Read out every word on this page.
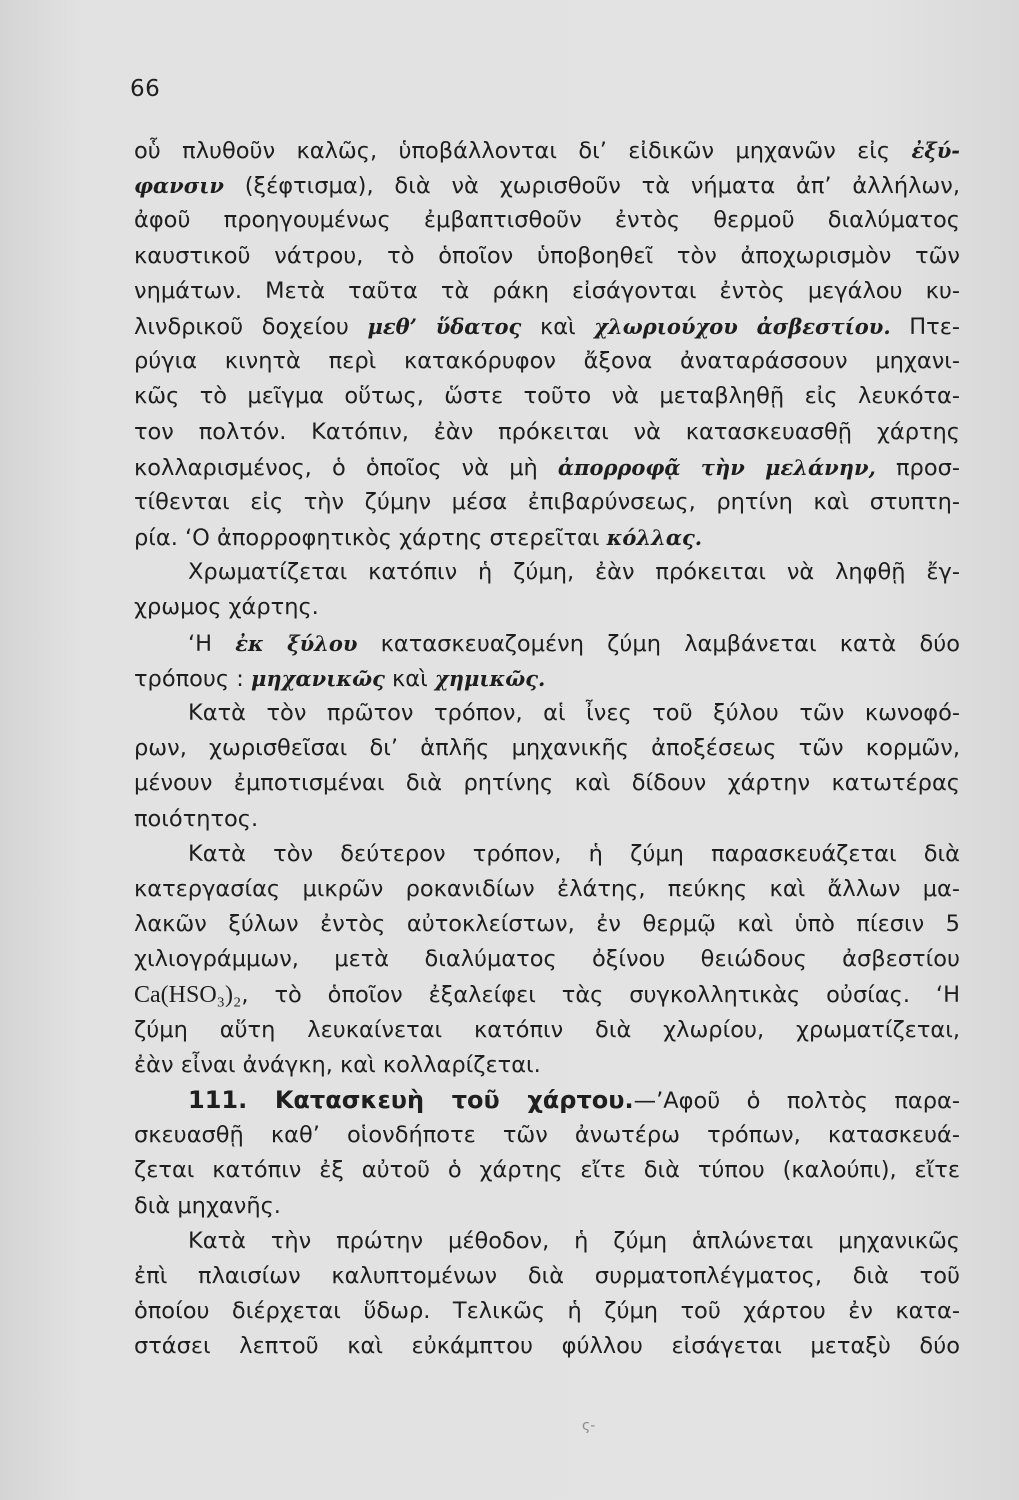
66
οὗ πλυθοῦν καλῶς, ὑποβάλλονται δι’ εἰδικῶν μηχανῶν εἰς ἐξύ-
φανσιν (ξέφτισμα), διὰ νὰ χωρισθοῦν τὰ νήματα ἀπ’ ἀλλήλων,
ἀφοῦ προηγουμένως ἐμβαπτισθοῦν ἐντὸς θερμοῦ διαλύματος
καυστικοῦ νάτρου, τὸ ὁποῖον ὑποβοηθεῖ τὸν ἀποχωρισμὸν τῶν
νημάτων. Μετὰ ταῦτα τὰ ράκη εἰσάγονται ἐντὸς μεγάλου κυ-
λινδρικοῦ δοχείου μεθ’ ὕδατος καὶ χλωριούχου ἀσβεστίου. Πτε-
ρύγια κινητὰ περὶ κατακόρυφον ἄξονα ἀναταράσσουν μηχανι-
κῶς τὸ μεῖγμα οὕτως, ὥστε τοῦτο νὰ μεταβληθῇ εἰς λευκότα-
τον πολτόν. Κατόπιν, ἐὰν πρόκειται νὰ κατασκευασθῇ χάρτης
κολλαρισμένος, ὁ ὁποῖος νὰ μὴ ἀπορροφᾷ τὴν μελάνην, προσ-
τίθενται εἰς τὴν ζύμην μέσα ἐπιβαρύνσεως, ρητίνη καὶ στυπτη-
ρία. ‘Ο ἀπορροφητικὸς χάρτης στερεῖται κόλλας.
Χρωματίζεται κατόπιν ἡ ζύμη, ἐὰν πρόκειται νὰ ληφθῇ ἔγ-
χρωμος χάρτης.
‘Η ἐκ ξύλου κατασκευαζομένη ζύμη λαμβάνεται κατὰ δύο
τρόπους : μηχανικῶς καὶ χημικῶς.
Κατὰ τὸν πρῶτον τρόπον, αἱ ἶνες τοῦ ξύλου τῶν κωνοφό-
ρων, χωρισθεῖσαι δι’ ἁπλῆς μηχανικῆς ἀποξέσεως τῶν κορμῶν,
μένουν ἐμποτισμέναι διὰ ρητίνης καὶ δίδουν χάρτην κατωτέρας
ποιότητος.
Κατὰ τὸν δεύτερον τρόπον, ἡ ζύμη παρασκευάζεται διὰ
κατεργασίας μικρῶν ροκανιδίων ἐλάτης, πεύκης καὶ ἄλλων μα-
λακῶν ξύλων ἐντὸς αὐτοκλείστων, ἐν θερμῷ καὶ ὑπὸ πίεσιν 5
χιλιογράμμων, μετὰ διαλύματος ὀξίνου θειώδους ἀσβεστίου
Ca(HSO₃)₂, τὸ ὁποῖον ἐξαλείφει τὰς συγκολλητικὰς οὐσίας. ‘Η
ζύμη αὕτη λευκαίνεται κατόπιν διὰ χλωρίου, χρωματίζεται,
ἐὰν εἶναι ἀνάγκη, καὶ κολλαρίζεται.
111. Κατασκευὴ τοῦ χάρτου.—’Αφοῦ ὁ πολτὸς παρα-
σκευασθῇ καθ’ οἱονδήποτε τῶν ἀνωτέρω τρόπων, κατασκευά-
ζεται κατόπιν ἐξ αὐτοῦ ὁ χάρτης εἴτε διὰ τύπου (καλούπι), εἴτε
διὰ μηχανῆς.
Κατὰ τὴν πρώτην μέθοδον, ἡ ζύμη ἁπλώνεται μηχανικῶς
ἐπὶ πλαισίων καλυπτομένων διὰ συρματοπλέγματος, διὰ τοῦ
ὁποίου διέρχεται ὕδωρ. Τελικῶς ἡ ζύμη τοῦ χάρτου ἐν κατα-
στάσει λεπτοῦ καὶ εὐκάμπτου φύλλου εἰσάγεται μεταξὺ δύο
ς-
